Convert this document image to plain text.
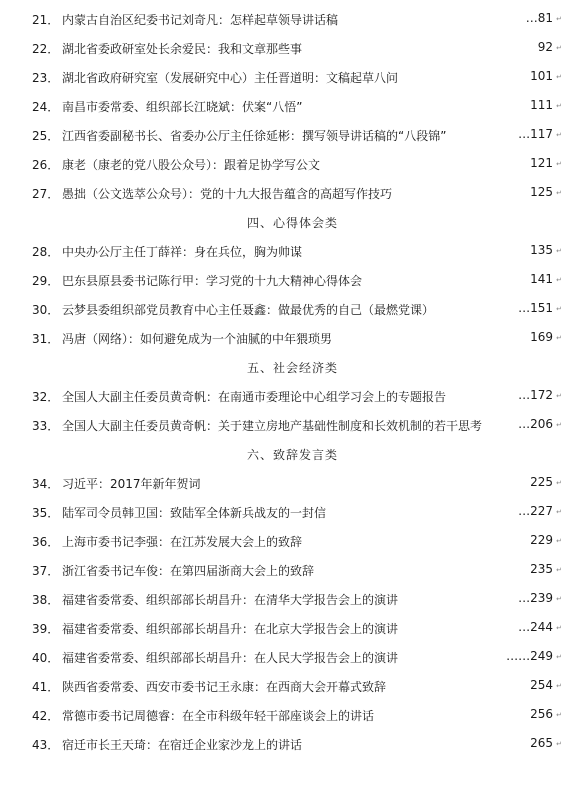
21． 内蒙古自治区纪委书记刘奇凡：怎样起草领导讲话稿	…81 ↵
22． 湖北省委政研室处长余爱民：我和文章那些事	92 ↵
23． 湖北省政府研究室（发展研究中心）主任晋道明：文稿起草八问	101 ↵
24． 南昌市委常委、组织部长江晓斌：伏案“八悟”	111 ↵
25． 江西省委副秘书长、省委办公厅主任徐延彬：撰写领导讲话稿的“八段锦”	…117 ↵
26． 康老（康老的党八股公众号）：跟着足协学写公文	121 ↵
27． 愚拙（公文选萃公众号）：党的十九大报告蕴含的高超写作技巧	125 ↵
28． 中央办公厅主任丁薛祥：身在兵位，胸为帅谋	135 ↵
29． 巴东县原县委书记陈行甲：学习党的十九大精神心得体会	141 ↵
30． 云梦县委组织部党员教育中心主任聂鑫：做最优秀的自己（最燃党课）	…151 ↵
31． 冯唐（网络）：如何避免成为一个油腻的中年猥琐男	169 ↵
32． 全国人大副主任委员黄奇帆：在南通市委理论中心组学习会上的专题报告	…172 ↵
33． 全国人大副主任委员黄奇帆：关于建立房地产基础性制度和长效机制的若干思考	…206 ↵
34． 习近平：2017年新年贺词	225 ↵
35． 陆军司令员韩卫国：致陆军全体新兵战友的一封信	…227 ↵
36． 上海市委书记李强：在江苏发展大会上的致辞	229 ↵
37． 浙江省委书记车俊：在第四届浙商大会上的致辞	235 ↵
38． 福建省委常委、组织部部长胡昌升：在清华大学报告会上的演讲	…239 ↵
39． 福建省委常委、组织部部长胡昌升：在北京大学报告会上的演讲	…244 ↵
40． 福建省委常委、组织部部长胡昌升：在人民大学报告会上的演讲	……249 ↵
41． 陕西省委常委、西安市委书记王永康：在西商大会开幕式致辞	254 ↵
42． 常德市委书记周德睿：在全市科级年轻干部座谈会上的讲话	256 ↵
43． 宿迁市长王天琦：在宿迁企业家沙龙上的讲话	265 ↵
四、心得体会类
五、社会经济类
六、致辞发言类
